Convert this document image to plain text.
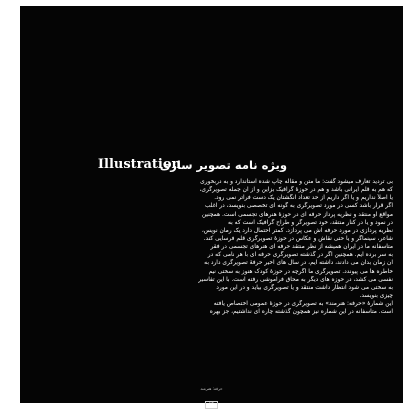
ویژه نامه تصویر سازی
Illustration
بی تردید تعارف میشود گفت: ما متن و مقاله چاپ شده استاندارد و به دربخوری
که هم به قلم ایرانی باشد و هم در حوزهٔ گرافیک بزاین و از آن جمله تصویرگری،
یا اصلاً نداریم و یا اگر داریم از حد تعداد انگشتان یک دست فراتر نمی رود.
اگر قرار باشد کسی در مورد تصویرگری به گونه ای تخصصی بنویسد، در اغلب
مواقع او منتقد و نظریه پرداز حرفه ای در حوزهٔ هنرهای تجسمی است. همچنین
در نمود و یا در کنار منتقد، خود تصویرگر و طراح گرافیک است که به
نظریه پردازی در مورد حرفه اش می پردازد. کمتر احتمال دارد یک رمان نویس،
شاعر، سینماگر و یا حتی نقاش و عکاس در حوزهٔ تصویرگری قلم فرسایی کند.
متاسفانه ما در ایران همیشه از نظر منتقد حرفه ای هنرهای تجسمی در فقر
به سر برده ایم. همچنین اگر در گذشته تصویرگری حرفه ای با هر نامی که در
آن زمان بدان می دادند، داشته ایم، در سال های اخیر حرفهٔ تصویرگری دارد به
خاطره ها می پیوندد. تصویرگری ما اگرچه در حوزهٔ کودک هنوز به سختی نیم
نفسی می کشد، در حوزه های دیگر به محاق فراموشی رفته است. با این تفاسیر
به سختی می شود انتظار داشت منتقد و یا تصویرگری بیاید و در این مورد
چیزی بنویسد.
این شمارهٔ «حرفه: هنرمند» به تصویرگری در حوزهٔ عمومی اختصاص یافته
است. متاسفانه در این شماره نیز همچون گذشته چاره ای نداشتیم، جز بهره
حرفه: هنرمند
۲۵
